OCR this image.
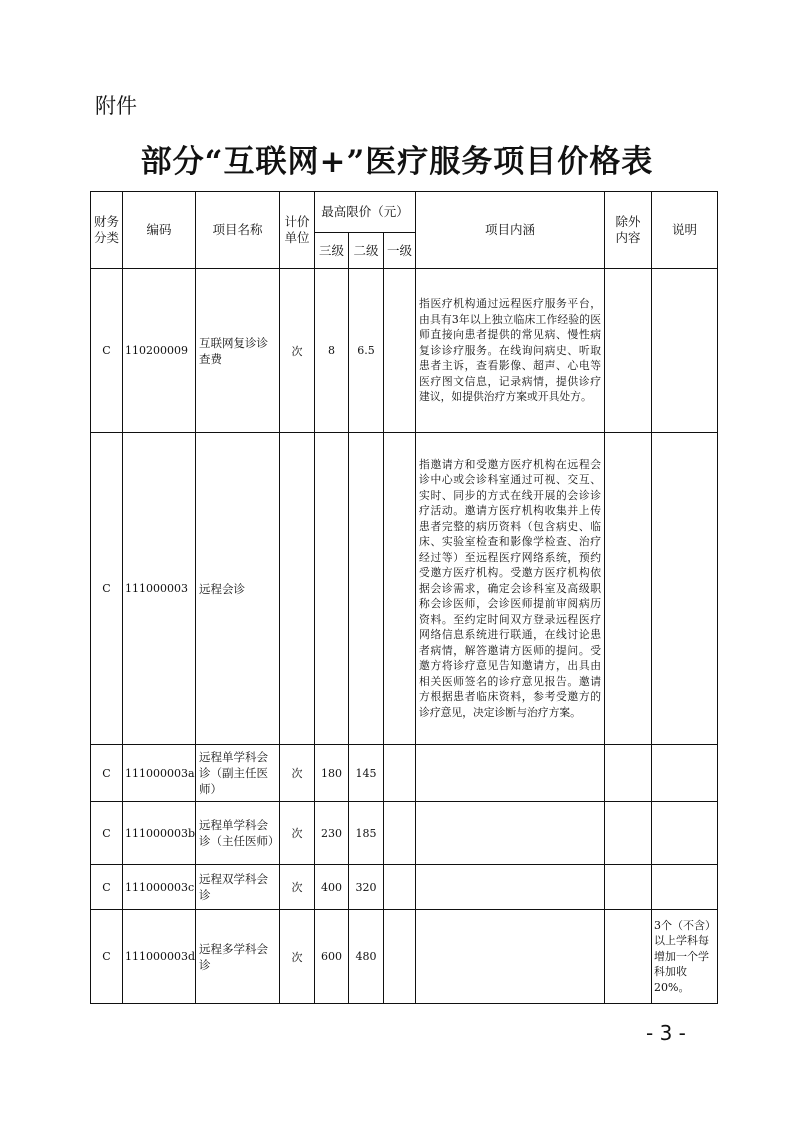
附件
部分“互联网+”医疗服务项目价格表
财务分类	编码	项目名称	计价单位	最高限价（元）			项目内涵	除外内容	说明
				三级	二级	一级			
C	110200009	互联网复诊诊查费	次	8	6.5		指医疗机构通过远程医疗服务平台，由具有3年以上独立临床工作经验的医师直接向患者提供的常见病、慢性病复诊诊疗服务。在线询问病史、听取患者主诉，查看影像、超声、心电等医疗图文信息，记录病情，提供诊疗建议，如提供治疗方案或开具处方。		
C	111000003	远程会诊					指邀请方和受邀方医疗机构在远程会诊中心或会诊科室通过可视、交互、实时、同步的方式在线开展的会诊诊疗活动。邀请方医疗机构收集并上传患者完整的病历资料（包含病史、临床、实验室检查和影像学检查、治疗经过等）至远程医疗网络系统，预约受邀方医疗机构。受邀方医疗机构依据会诊需求，确定会诊科室及高级职称会诊医师，会诊医师提前审阅病历资料。至约定时间双方登录远程医疗网络信息系统进行联通，在线讨论患者病情，解答邀请方医师的提问。受邀方将诊疗意见告知邀请方，出具由相关医师签名的诊疗意见报告。邀请方根据患者临床资料，参考受邀方的诊疗意见，决定诊断与治疗方案。		
C	111000003a	远程单学科会诊（副主任医师）	次	180	145				
C	111000003b	远程单学科会诊（主任医师）	次	230	185				
C	111000003c	远程双学科会诊	次	400	320				
C	111000003d	远程多学科会诊	次	600	480				3个（不含）以上学科每增加一个学科加收20%。
- 3 -
